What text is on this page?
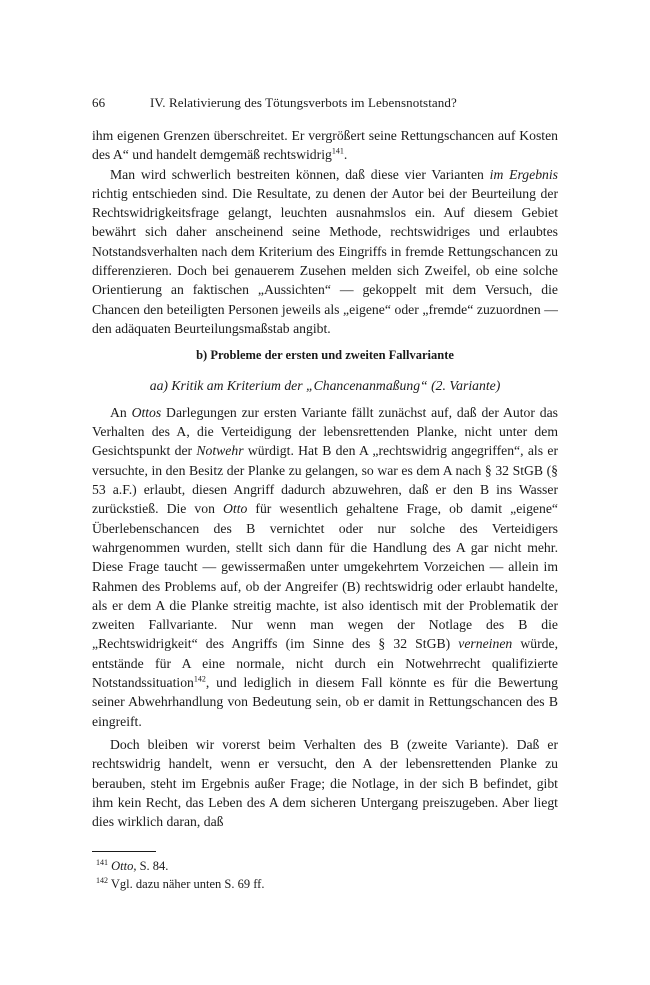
66	IV. Relativierung des Tötungsverbots im Lebensnotstand?

ihm eigenen Grenzen überschreitet. Er vergrößert seine Rettungschancen auf Kosten des A“ und handelt demgemäß rechtswidrig$^{141}$.

Man wird schwerlich bestreiten können, daß diese vier Varianten im Ergebnis richtig entschieden sind. Die Resultate, zu denen der Autor bei der Beurteilung der Rechtswidrigkeitsfrage gelangt, leuchten ausnahmslos ein. Auf diesem Gebiet bewährt sich daher anscheinend seine Methode, rechtswidriges und erlaubtes Notstandsverhalten nach dem Kriterium des Eingriffs in fremde Rettungschancen zu differenzieren. Doch bei genauerem Zusehen melden sich Zweifel, ob eine solche Orientierung an faktischen „Aussichten“ — gekoppelt mit dem Versuch, die Chancen den beteiligten Personen jeweils als „eigene“ oder „fremde“ zuzuordnen — den adäquaten Beurteilungsmaßstab angibt.

b) Probleme der ersten und zweiten Fallvariante
aa) Kritik am Kriterium der „Chancenanmaßung“ (2. Variante)

An Ottos Darlegungen zur ersten Variante fällt zunächst auf, daß der Autor das Verhalten des A, die Verteidigung der lebensrettenden Planke, nicht unter dem Gesichtspunkt der Notwehr würdigt. Hat B den A „rechtswidrig angegriffen“, als er versuchte, in den Besitz der Planke zu gelangen, so war es dem A nach § 32 StGB (§ 53 a.F.) erlaubt, diesen Angriff dadurch abzuwehren, daß er den B ins Wasser zurückstieß. Die von Otto für wesentlich gehaltene Frage, ob damit „eigene“ Überlebenschancen des B vernichtet oder nur solche des Verteidigers wahrgenommen wurden, stellt sich dann für die Handlung des A gar nicht mehr. Diese Frage taucht — gewissermaßen unter umgekehrtem Vorzeichen — allein im Rahmen des Problems auf, ob der Angreifer (B) rechtswidrig oder erlaubt handelte, als er dem A die Planke streitig machte, ist also identisch mit der Problematik der zweiten Fallvariante. Nur wenn man wegen der Notlage des B die „Rechtswidrigkeit“ des Angriffs (im Sinne des § 32 StGB) verneinen würde, entstände für A eine normale, nicht durch ein Notwehrrecht qualifizierte Notstandssituation$^{142}$, und lediglich in diesem Fall könnte es für die Bewertung seiner Abwehrhandlung von Bedeutung sein, ob er damit in Rettungschancen des B eingreift.

Doch bleiben wir vorerst beim Verhalten des B (zweite Variante). Daß er rechtswidrig handelt, wenn er versucht, den A der lebensrettenden Planke zu berauben, steht im Ergebnis außer Frage; die Notlage, in der sich B befindet, gibt ihm kein Recht, das Leben des A dem sicheren Untergang preiszugeben. Aber liegt dies wirklich daran, daß

$^{141}$ Otto, S. 84.
$^{142}$ Vgl. dazu näher unten S. 69 ff.
